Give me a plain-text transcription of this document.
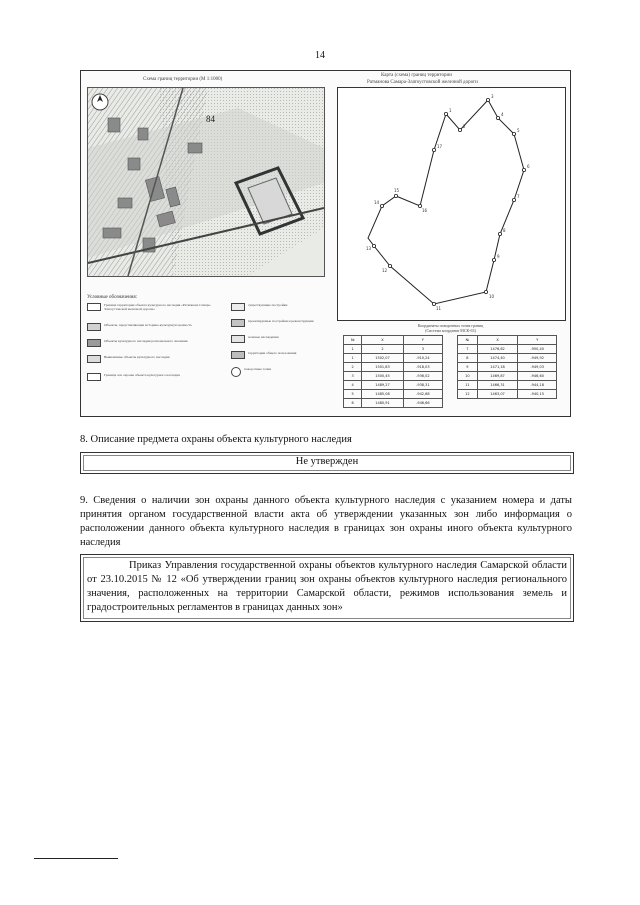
14
Схема границ территории (М 1:1000)
Карта (схема) границ территории
Ратманова Самара-Златоустовской железной дороги
84
1
2
3
4
5
6
7
8
9
10
11
12
13
14
15
16
17
Условные обозначения:
Граница территории объекта культурного наследия «Ратманова Самаро-Златоустовской железной дороги»
Объекты, представляющие историко-культурную ценность
Объекты культурного наследия регионального значения
Выявленные объекты культурного наследия
Граница зон охраны объекта культурного наследия
существующие постройки
проектируемые постройки и реконструкция
зеленые насаждения
территории общего пользования
поворотные точки
Координаты поворотных точек границ
(Система координат МСК-63)
№	X	Y
1	2	3
1	1502,07	-910,24
2	1501,83	-918,03
3	1500,45	-936,02
4	1489,27	-938,31
5	1485,08	-942,68
6	1480,91	-946,66
№	X	Y
7	1476,62	-950,40
8	1474,40	-949,92
9	1471,18	-949,03
10	1469,87	-946,60
11	1466,31	-944,18
12	1463,07	-940,15
8. Описание предмета охраны объекта культурного наследия
Не утвержден
9. Сведения о наличии зон охраны данного объекта культурного наследия с указанием номера и даты принятия органом государственной власти акта об утверждении указанных зон либо информация о расположении данного объекта культурного наследия в границах зон охраны иного объекта культурного наследия
Приказ Управления государственной охраны объектов культурного наследия Самарской области от 23.10.2015 № 12 «Об утверждении границ зон охраны объектов культурного наследия регионального значения, расположенных на территории Самарской области, режимов использования земель и градостроительных регламентов в границах данных зон»
